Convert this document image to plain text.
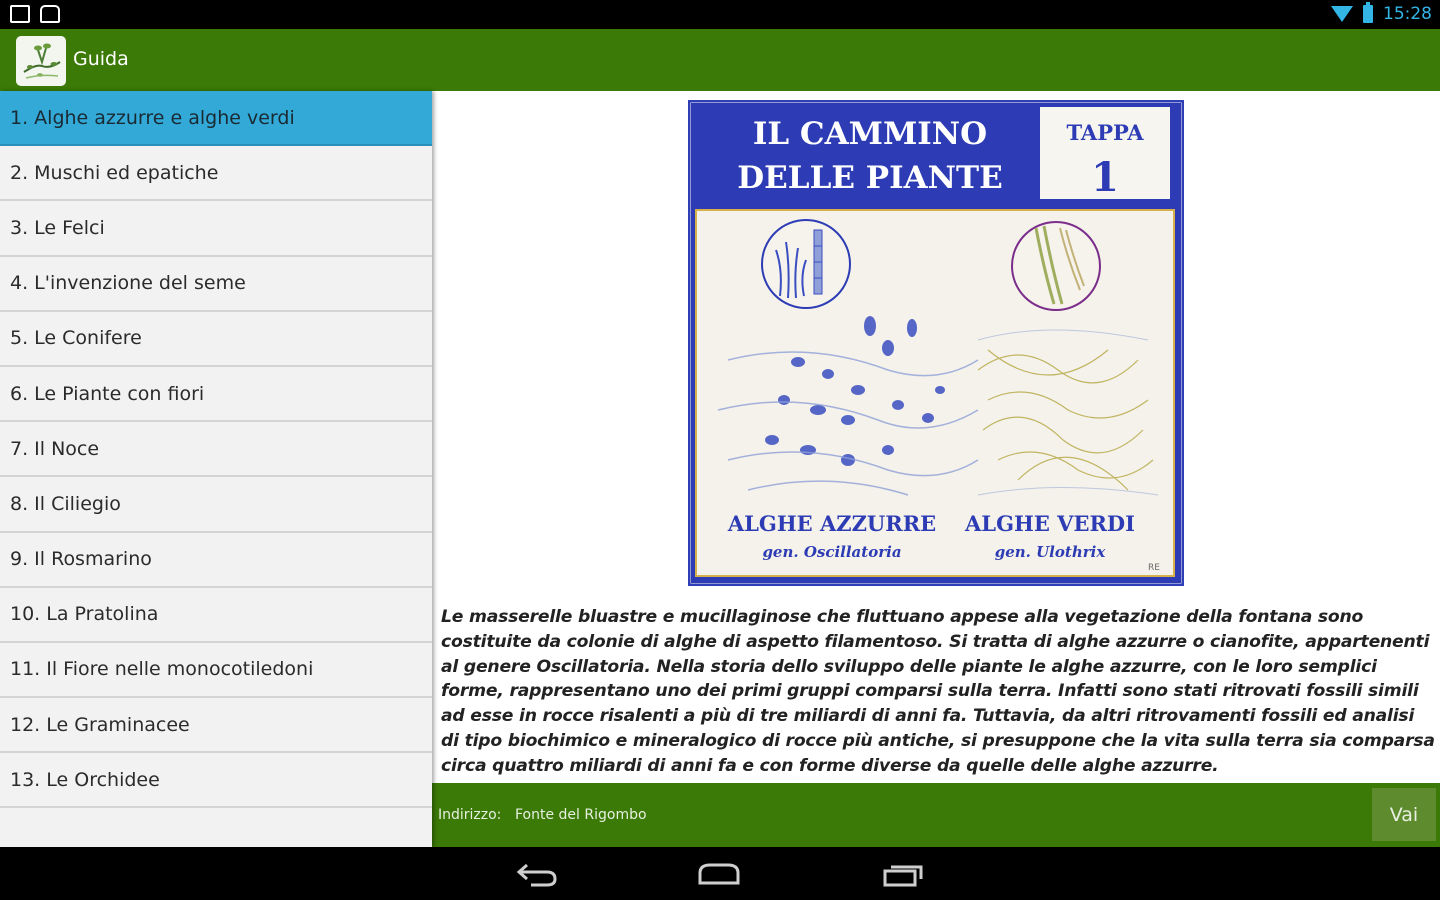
15:28
Guida
1. Alghe azzurre e alghe verdi
2. Muschi ed epatiche
3. Le Felci
4. L'invenzione del seme
5. Le Conifere
6. Le Piante con fiori
7. Il Noce
8. Il Ciliegio
9. Il Rosmarino
10. La Pratolina
11. Il Fiore nelle monocotiledoni
12. Le Graminacee
13. Le Orchidee
IL CAMMINO
DELLE PIANTE
TAPPA
1
ALGHE AZZURRE
gen. Oscillatoria
ALGHE VERDI
gen. Ulothrix
RE

Le masserelle bluastre e mucillaginose che fluttuano appese alla vegetazione della fontana sono costituite da colonie di alghe di aspetto filamentoso. Si tratta di alghe azzurre o cianofite, appartenenti al genere Oscillatoria. Nella storia dello sviluppo delle piante le alghe azzurre, con le loro semplici forme, rappresentano uno dei primi gruppi comparsi sulla terra. Infatti sono stati ritrovati fossili simili ad esse in rocce risalenti a più di tre miliardi di anni fa. Tuttavia, da altri ritrovamenti fossili ed analisi di tipo biochimico e mineralogico di rocce più antiche, si presuppone che la vita sulla terra sia comparsa circa quattro miliardi di anni fa e con forme diverse da quelle delle alghe azzurre.

Indirizzo: Fonte del Rigombo	Vai
